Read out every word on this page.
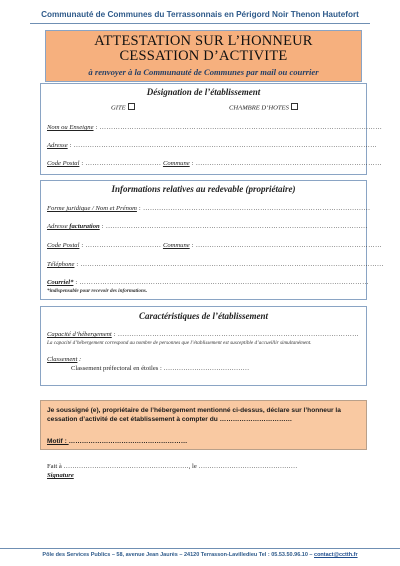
Communauté de Communes du Terrassonnais en Périgord Noir Thenon Hautefort
ATTESTATION SUR L’HONNEUR
CESSATION D’ACTIVITE
à renvoyer à la Communauté de Communes par mail ou courrier
Désignation de l’établissement
GITE	CHAMBRE D’HOTES
Nom ou Enseigne : ……………………………………………………………………………………………………………
Adresse : ……………………………………………………………………………………………………………………
Code Postal : …………………………… Commune : ………………………………………………………………………
Informations relatives au redevable (propriétaire)
Forme juridique / Nom et Prénom : ………………………………………………………………………………………
Adresse facturation : ……………………………………………………………………………………………………
Code Postal : …………………………… Commune : ………………………………………………………………………
Téléphone : ……………………………………………………………………………………………………………………
Courriel* : ………………………………………………………………………………………………………………
*indispensable pour recevoir des informations.
Caractéristiques de l’établissement
Capacité d’hébergement : ……………………………………………………………………………………………
La capacité d’hébergement correspond au nombre de personnes que l’établissement est susceptible d’accueillir simultanément.
Classement :
Classement préfectoral en étoiles : …………………………………
Je soussigné (e), propriétaire de l’hébergement mentionné ci-dessus, déclare sur l’honneur la cessation d’activité de cet établissement à compter du ……………………………
Motif : ………………………………………………
Fait à …………………………………………………, le ………………………………………
Signature
Pôle des Services Publics – 58, avenue Jean Jaurès – 24120 Terrasson-Lavilledieu Tel : 05.53.50.96.10 – contact@cctth.fr
